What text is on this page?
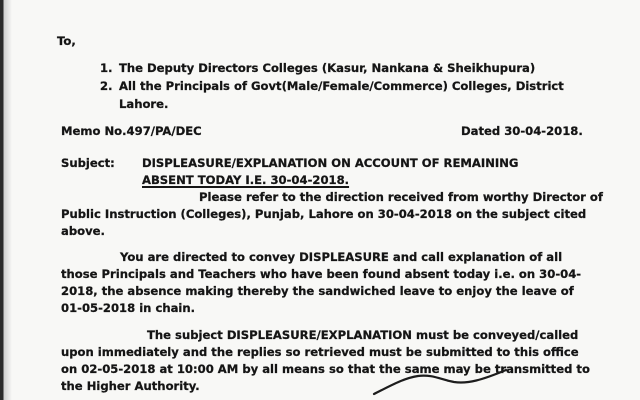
To,
1. The Deputy Directors Colleges (Kasur, Nankana & Sheikhupura)
2. All the Principals of Govt(Male/Female/Commerce) Colleges, District
Lahore.
Memo No.497/PA/DEC	Dated 30-04-2018.
Subject: DISPLEASURE/EXPLANATION ON ACCOUNT OF REMAINING
ABSENT TODAY I.E. 30-04-2018.
Please refer to the direction received from worthy Director of
Public Instruction (Colleges), Punjab, Lahore on 30-04-2018 on the subject cited
above.
You are directed to convey DISPLEASURE and call explanation of all
those Principals and Teachers who have been found absent today i.e. on 30-04-
2018, the absence making thereby the sandwiched leave to enjoy the leave of
01-05-2018 in chain.
The subject DISPLEASURE/EXPLANATION must be conveyed/called
upon immediately and the replies so retrieved must be submitted to this office
on 02-05-2018 at 10:00 AM by all means so that the same may be transmitted to
the Higher Authority.
